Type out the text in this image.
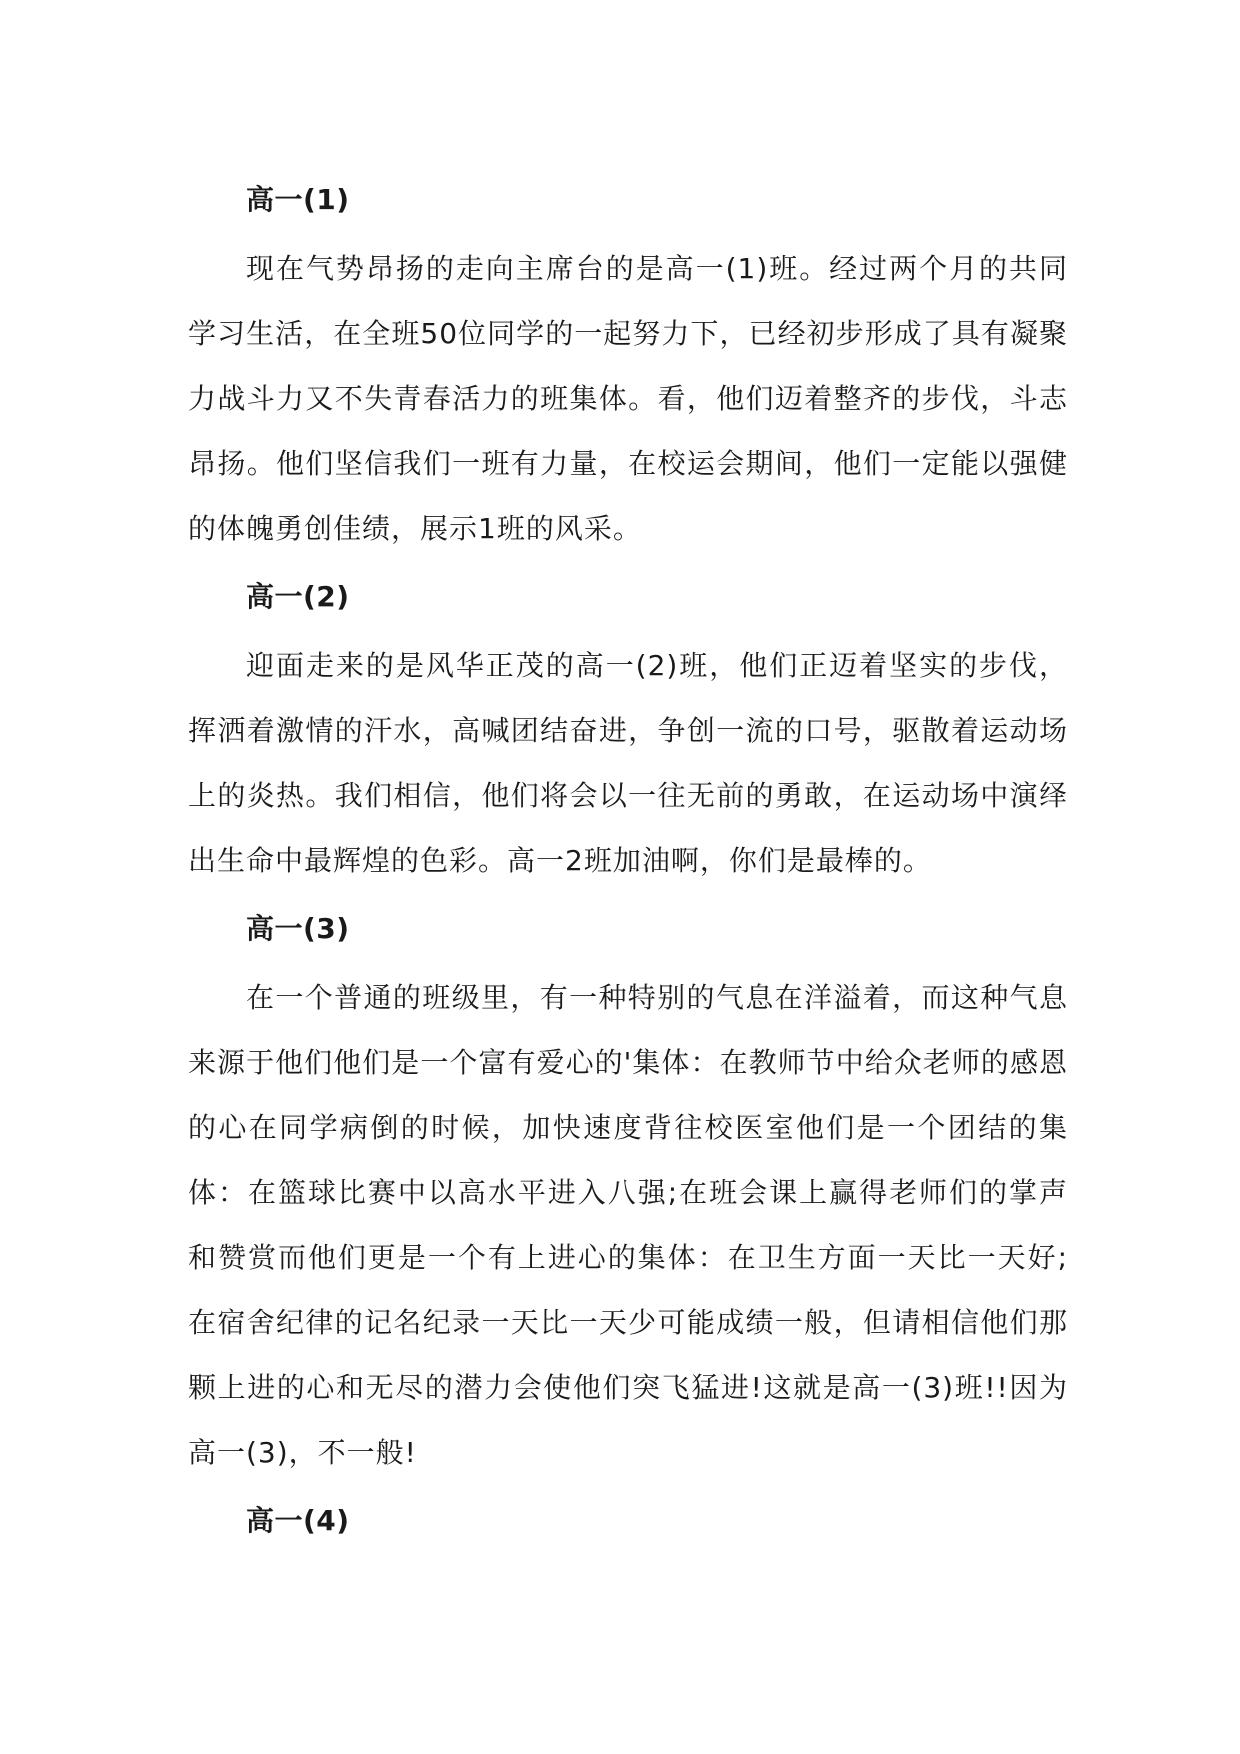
高一(1)

现在气势昂扬的走向主席台的是高一(1)班。经过两个月的共同学习生活，在全班50位同学的一起努力下，已经初步形成了具有凝聚力战斗力又不失青春活力的班集体。看，他们迈着整齐的步伐，斗志昂扬。他们坚信我们一班有力量，在校运会期间，他们一定能以强健的体魄勇创佳绩，展示1班的风采。

高一(2)

迎面走来的是风华正茂的高一(2)班，他们正迈着坚实的步伐，挥洒着激情的汗水，高喊团结奋进，争创一流的口号，驱散着运动场上的炎热。我们相信，他们将会以一往无前的勇敢，在运动场中演绎出生命中最辉煌的色彩。高一2班加油啊，你们是最棒的。

高一(3)

在一个普通的班级里，有一种特别的气息在洋溢着，而这种气息来源于他们他们是一个富有爱心的'集体：在教师节中给众老师的感恩的心在同学病倒的时候，加快速度背往校医室他们是一个团结的集体：在篮球比赛中以高水平进入八强;在班会课上赢得老师们的掌声和赞赏而他们更是一个有上进心的集体：在卫生方面一天比一天好;在宿舍纪律的记名纪录一天比一天少可能成绩一般，但请相信他们那颗上进的心和无尽的潜力会使他们突飞猛进!这就是高一(3)班!!因为高一(3)，不一般!

高一(4)
